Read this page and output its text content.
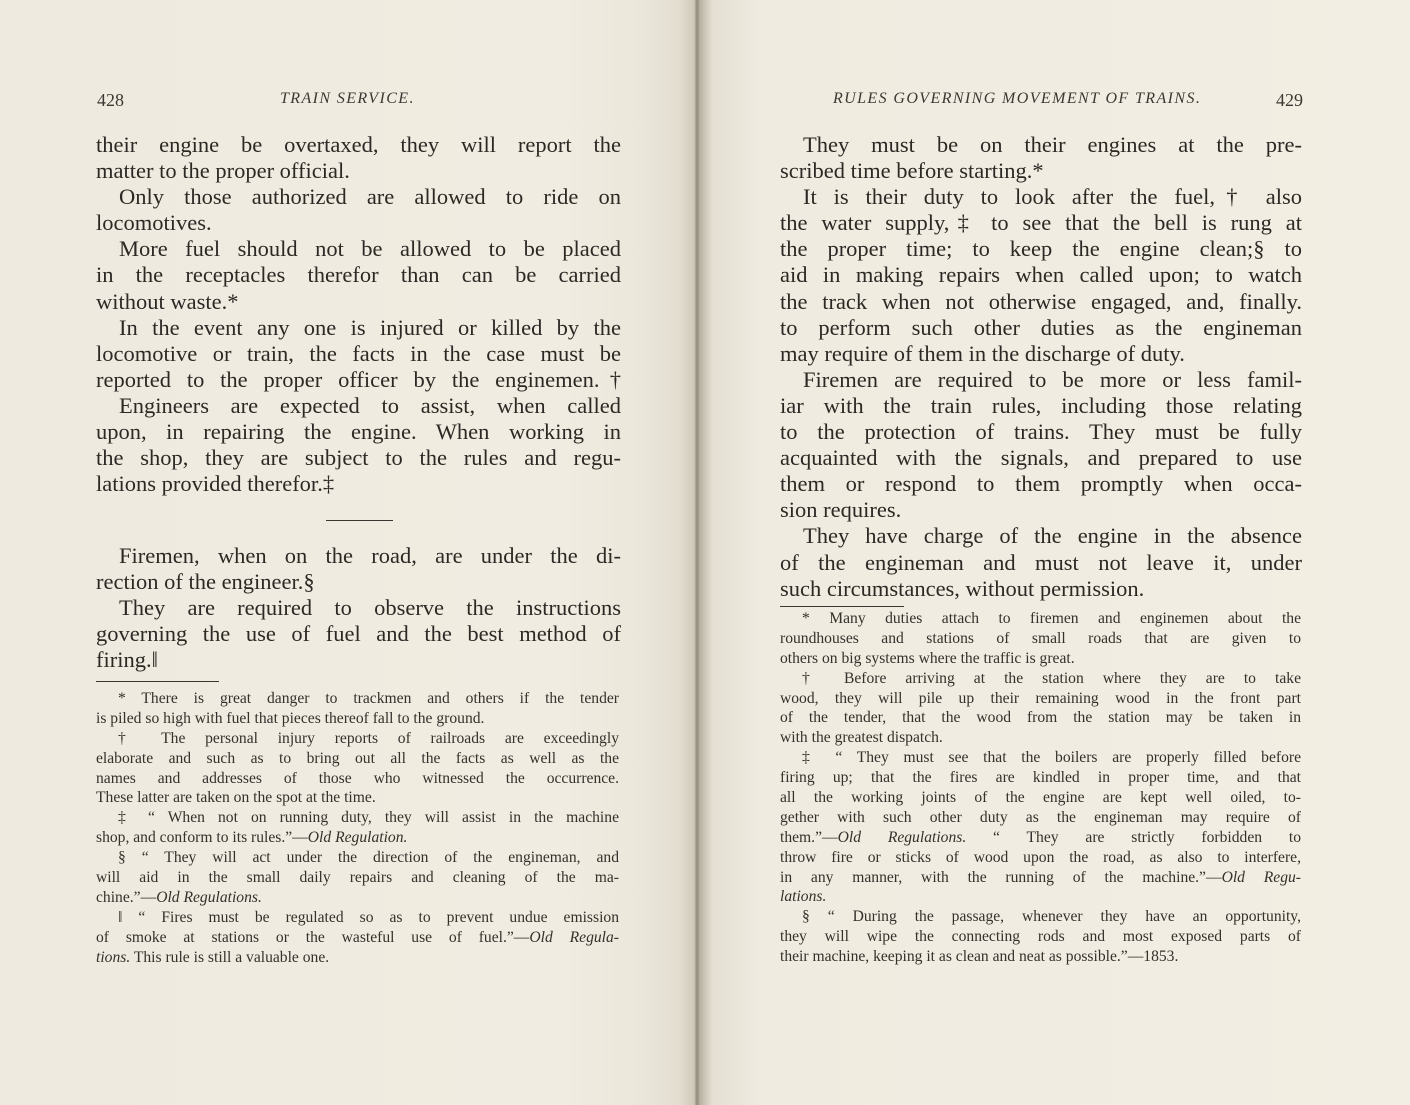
428	TRAIN SERVICE.
their engine be overtaxed, they will report the
matter to the proper official.
Only those authorized are allowed to ride on
locomotives.
More fuel should not be allowed to be placed
in the receptacles therefor than can be carried
without waste.*
In the event any one is injured or killed by the
locomotive or train, the facts in the case must be
reported to the proper officer by the enginemen.†
Engineers are expected to assist, when called
upon, in repairing the engine. When working in
the shop, they are subject to the rules and regu-
lations provided therefor.‡
Firemen, when on the road, are under the di-
rection of the engineer.§
They are required to observe the instructions
governing the use of fuel and the best method of
firing.‖
* There is great danger to trackmen and others if the tender
is piled so high with fuel that pieces thereof fall to the ground.
† The personal injury reports of railroads are exceedingly
elaborate and such as to bring out all the facts as well as the
names and addresses of those who witnessed the occurrence.
These latter are taken on the spot at the time.
‡ “ When not on running duty, they will assist in the machine
shop, and conform to its rules.”—Old Regulation.
§ “ They will act under the direction of the engineman, and
will aid in the small daily repairs and cleaning of the ma-
chine.”—Old Regulations.
‖ “ Fires must be regulated so as to prevent undue emission
of smoke at stations or the wasteful use of fuel.”—Old Regula-
tions. This rule is still a valuable one.
RULES GOVERNING MOVEMENT OF TRAINS.	429
They must be on their engines at the pre-
scribed time before starting.*
It is their duty to look after the fuel,† also
the water supply,‡ to see that the bell is rung at
the proper time; to keep the engine clean;§ to
aid in making repairs when called upon; to watch
the track when not otherwise engaged, and, finally.
to perform such other duties as the engineman
may require of them in the discharge of duty.
Firemen are required to be more or less famil-
iar with the train rules, including those relating
to the protection of trains. They must be fully
acquainted with the signals, and prepared to use
them or respond to them promptly when occa-
sion requires.
They have charge of the engine in the absence
of the engineman and must not leave it, under
such circumstances, without permission.
* Many duties attach to firemen and enginemen about the
roundhouses and stations of small roads that are given to
others on big systems where the traffic is great.
† Before arriving at the station where they are to take
wood, they will pile up their remaining wood in the front part
of the tender, that the wood from the station may be taken in
with the greatest dispatch.
‡ “ They must see that the boilers are properly filled before
firing up; that the fires are kindled in proper time, and that
all the working joints of the engine are kept well oiled, to-
gether with such other duty as the engineman may require of
them.”—Old Regulations. “ They are strictly forbidden to
throw fire or sticks of wood upon the road, as also to interfere,
in any manner, with the running of the machine.”—Old Regu-
lations.
§ “ During the passage, whenever they have an opportunity,
they will wipe the connecting rods and most exposed parts of
their machine, keeping it as clean and neat as possible.”—1853.
